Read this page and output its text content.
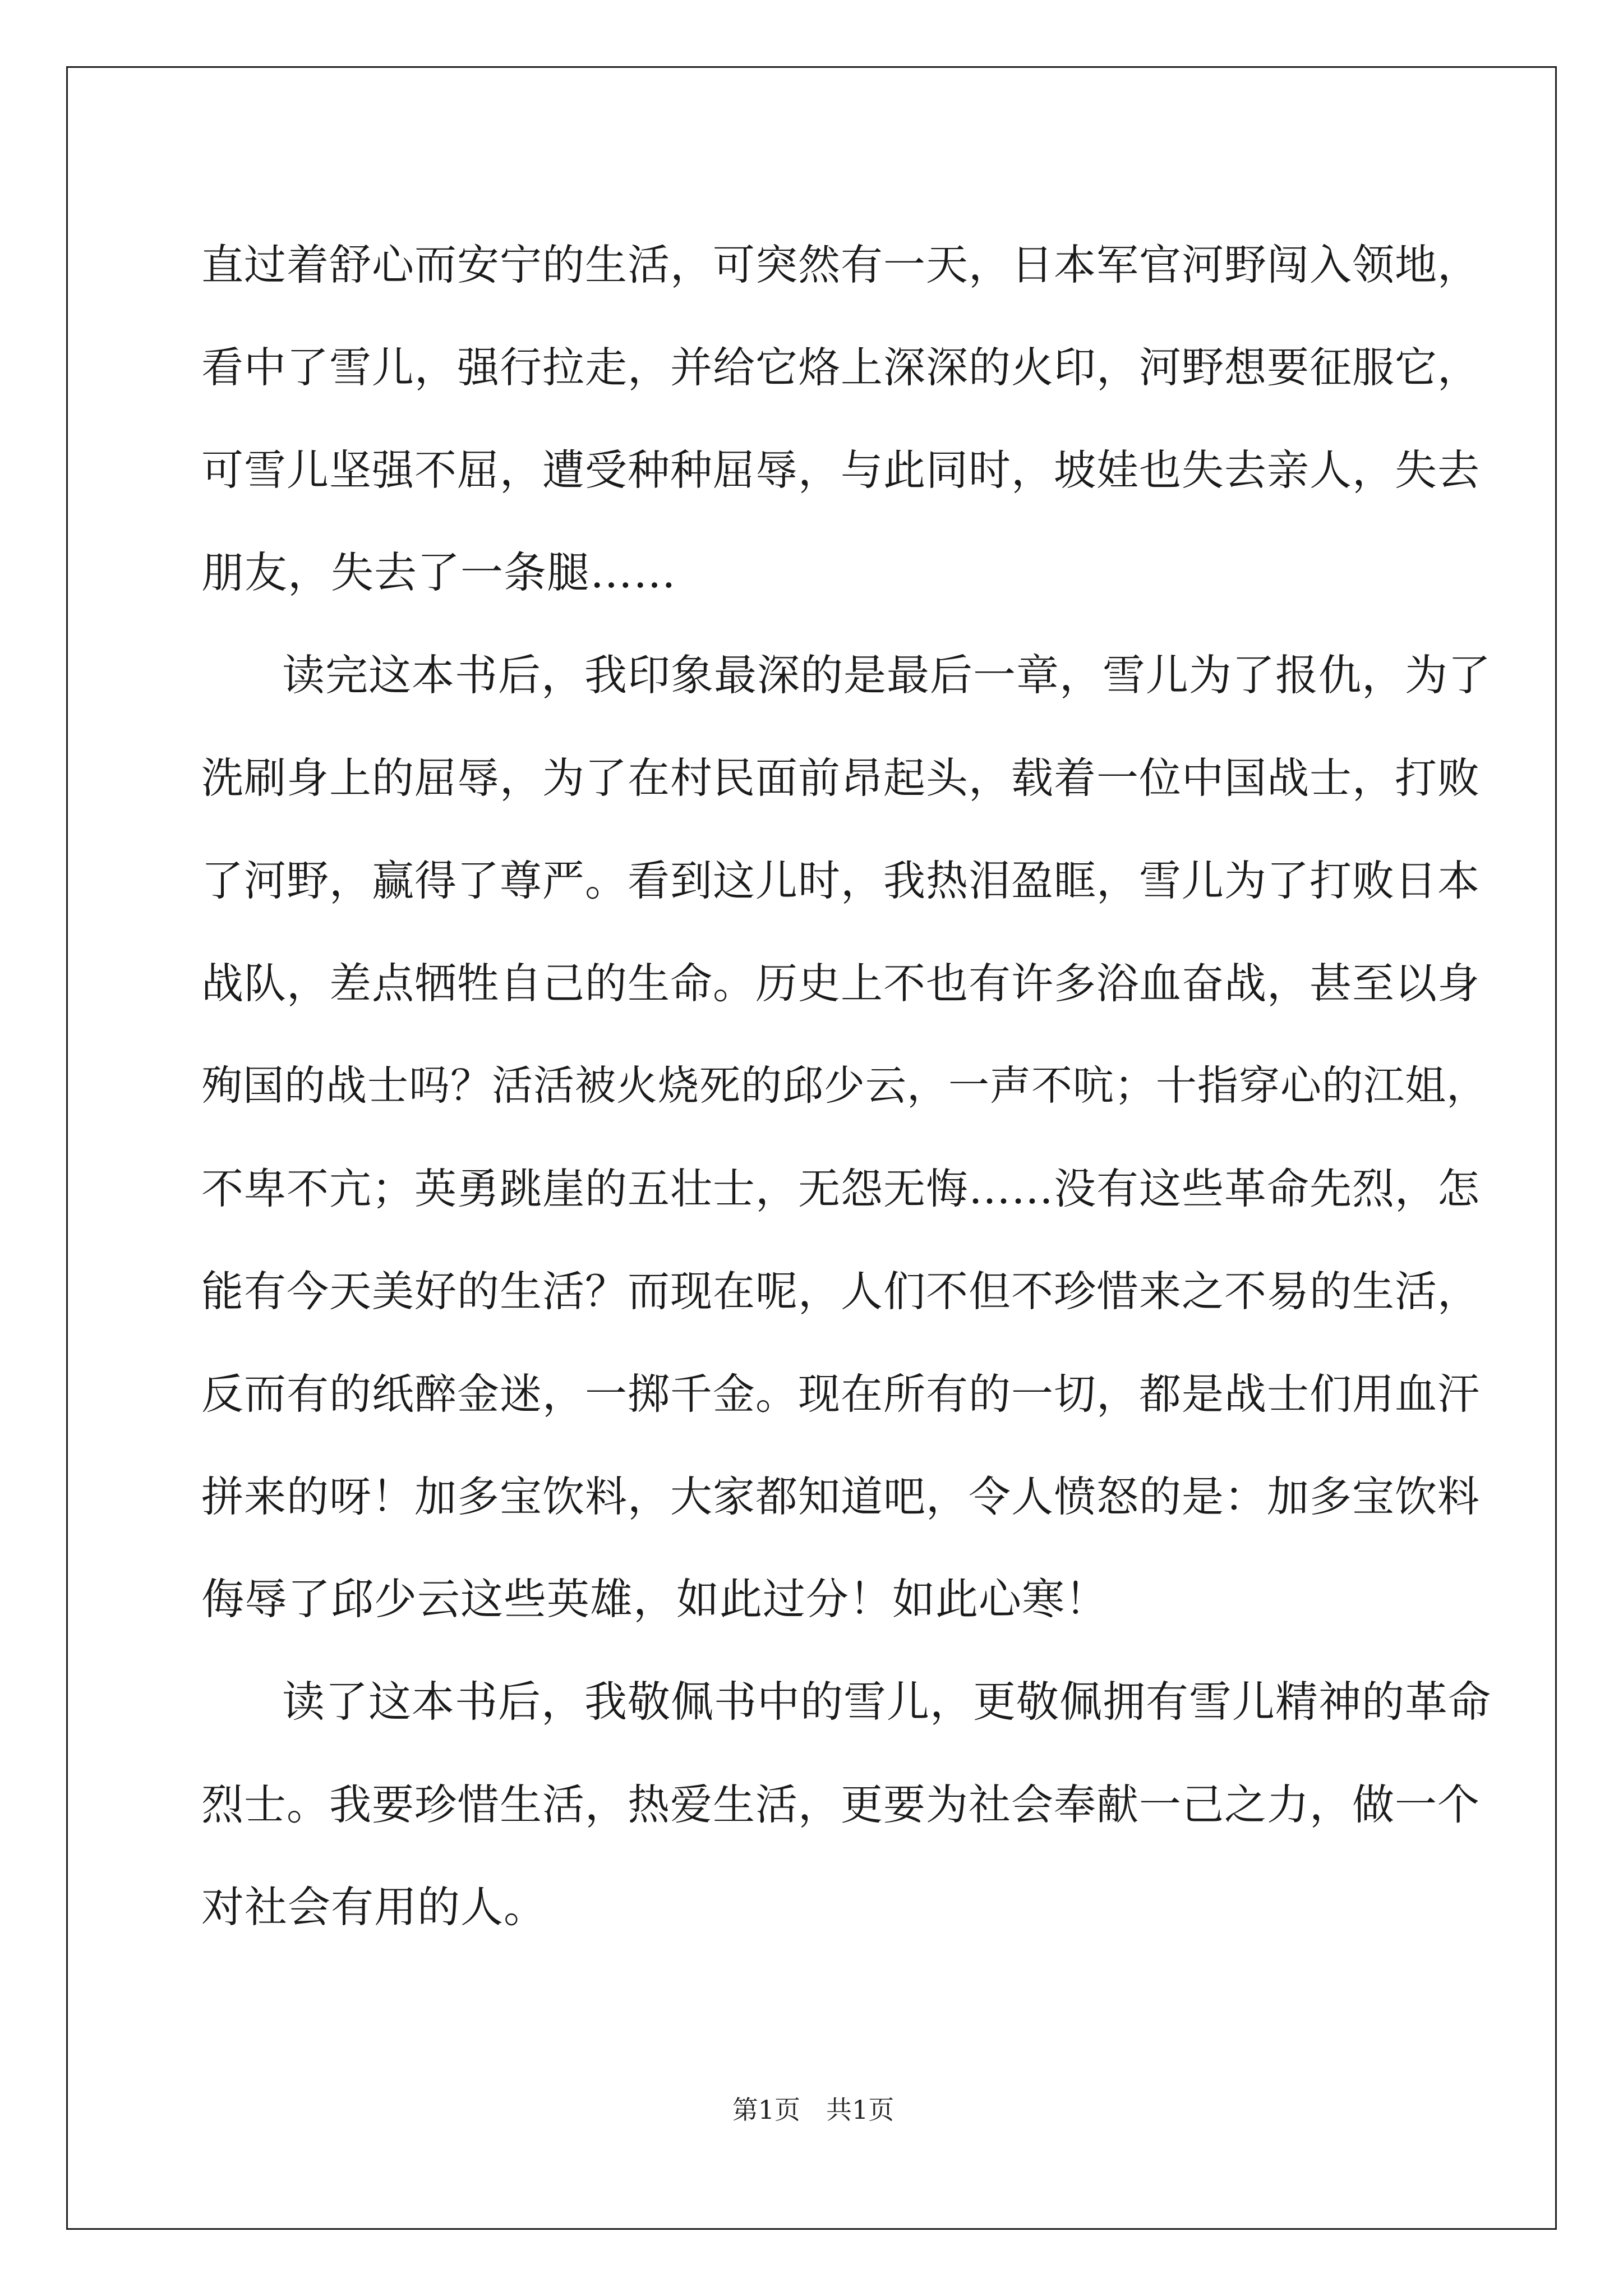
直过着舒心而安宁的生活，可突然有一天，日本军官河野闯入领地，

看中了雪儿，强行拉走，并给它烙上深深的火印，河野想要征服它，

可雪儿坚强不屈，遭受种种屈辱，与此同时，坡娃也失去亲人，失去

朋友，失去了一条腿……

读完这本书后，我印象最深的是最后一章，雪儿为了报仇，为了

洗刷身上的屈辱，为了在村民面前昂起头，载着一位中国战士，打败

了河野，赢得了尊严。看到这儿时，我热泪盈眶，雪儿为了打败日本

战队，差点牺牲自己的生命。历史上不也有许多浴血奋战，甚至以身

殉国的战士吗？活活被火烧死的邱少云，一声不吭；十指穿心的江姐，

不卑不亢；英勇跳崖的五壮士，无怨无悔……没有这些革命先烈，怎

能有今天美好的生活？而现在呢，人们不但不珍惜来之不易的生活，

反而有的纸醉金迷，一掷千金。现在所有的一切，都是战士们用血汗

拼来的呀！加多宝饮料，大家都知道吧，令人愤怒的是：加多宝饮料

侮辱了邱少云这些英雄，如此过分！如此心寒！

读了这本书后，我敬佩书中的雪儿，更敬佩拥有雪儿精神的革命

烈士。我要珍惜生活，热爱生活，更要为社会奉献一己之力，做一个

对社会有用的人。

第1页　共1页
